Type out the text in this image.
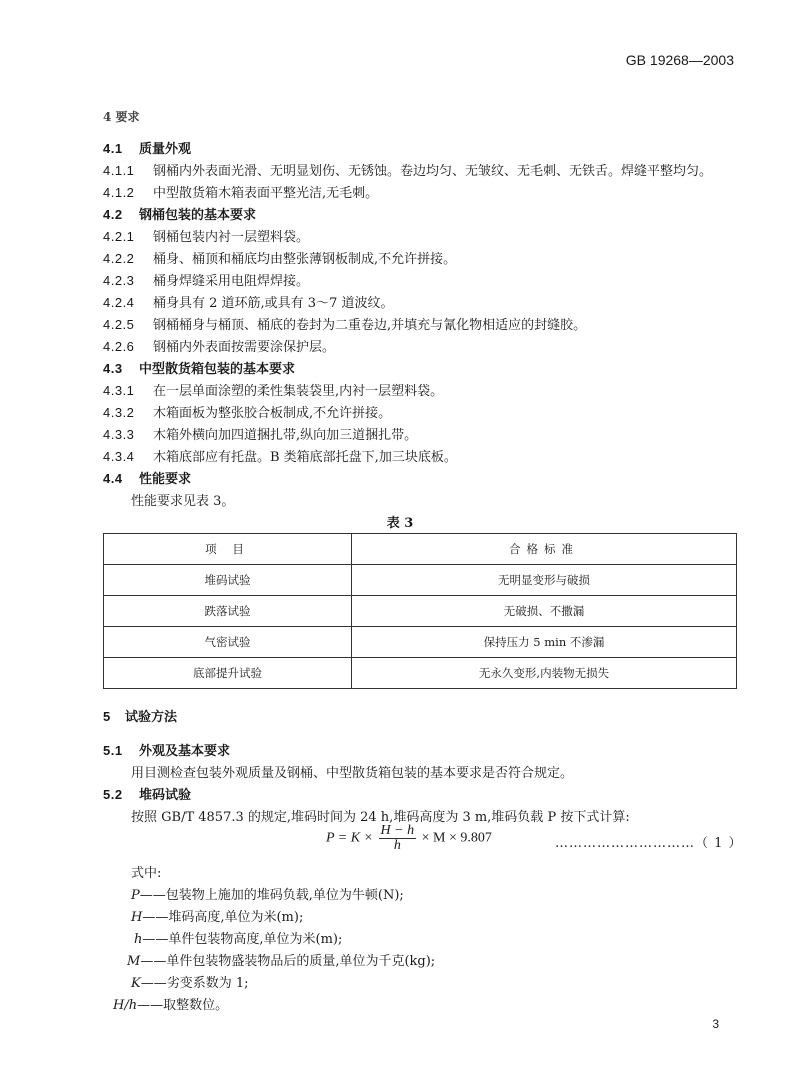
GB 19268—2003
4 要求
4.1 质量外观
4.1.1 钢桶内外表面光滑、无明显划伤、无锈蚀。卷边均匀、无皱纹、无毛刺、无铁舌。焊缝平整均匀。
4.1.2 中型散货箱木箱表面平整光洁,无毛刺。
4.2 钢桶包装的基本要求
4.2.1 钢桶包装内衬一层塑料袋。
4.2.2 桶身、桶顶和桶底均由整张薄钢板制成,不允许拼接。
4.2.3 桶身焊缝采用电阻焊焊接。
4.2.4 桶身具有 2 道环筋,或具有 3～7 道波纹。
4.2.5 钢桶桶身与桶顶、桶底的卷封为二重卷边,并填充与氰化物相适应的封缝胶。
4.2.6 钢桶内外表面按需要涂保护层。
4.3 中型散货箱包装的基本要求
4.3.1 在一层单面涂塑的柔性集装袋里,内衬一层塑料袋。
4.3.2 木箱面板为整张胶合板制成,不允许拼接。
4.3.3 木箱外横向加四道捆扎带,纵向加三道捆扎带。
4.3.4 木箱底部应有托盘。B 类箱底部托盘下,加三块底板。
4.4 性能要求
性能要求见表 3。
表 3
项 目	合格标准
堆码试验	无明显变形与破损
跌落试验	无破损、不撒漏
气密试验	保持压力 5 min 不渗漏
底部提升试验	无永久变形,内装物无损失
5 试验方法
5.1 外观及基本要求
用目测检查包装外观质量及钢桶、中型散货箱包装的基本要求是否符合规定。
5.2 堆码试验
按照 GB/T 4857.3 的规定,堆码时间为 24 h,堆码高度为 3 m,堆码负载 P 按下式计算:
$P = K \times \frac{H - h}{h} \times M \times 9.807$	…………………………（ 1 ）
式中:
P——包装物上施加的堆码负载,单位为牛顿(N);
H——堆码高度,单位为米(m);
h——单件包装物高度,单位为米(m);
M——单件包装物盛装物品后的质量,单位为千克(kg);
K——劣变系数为 1;
H/h——取整数位。
3
